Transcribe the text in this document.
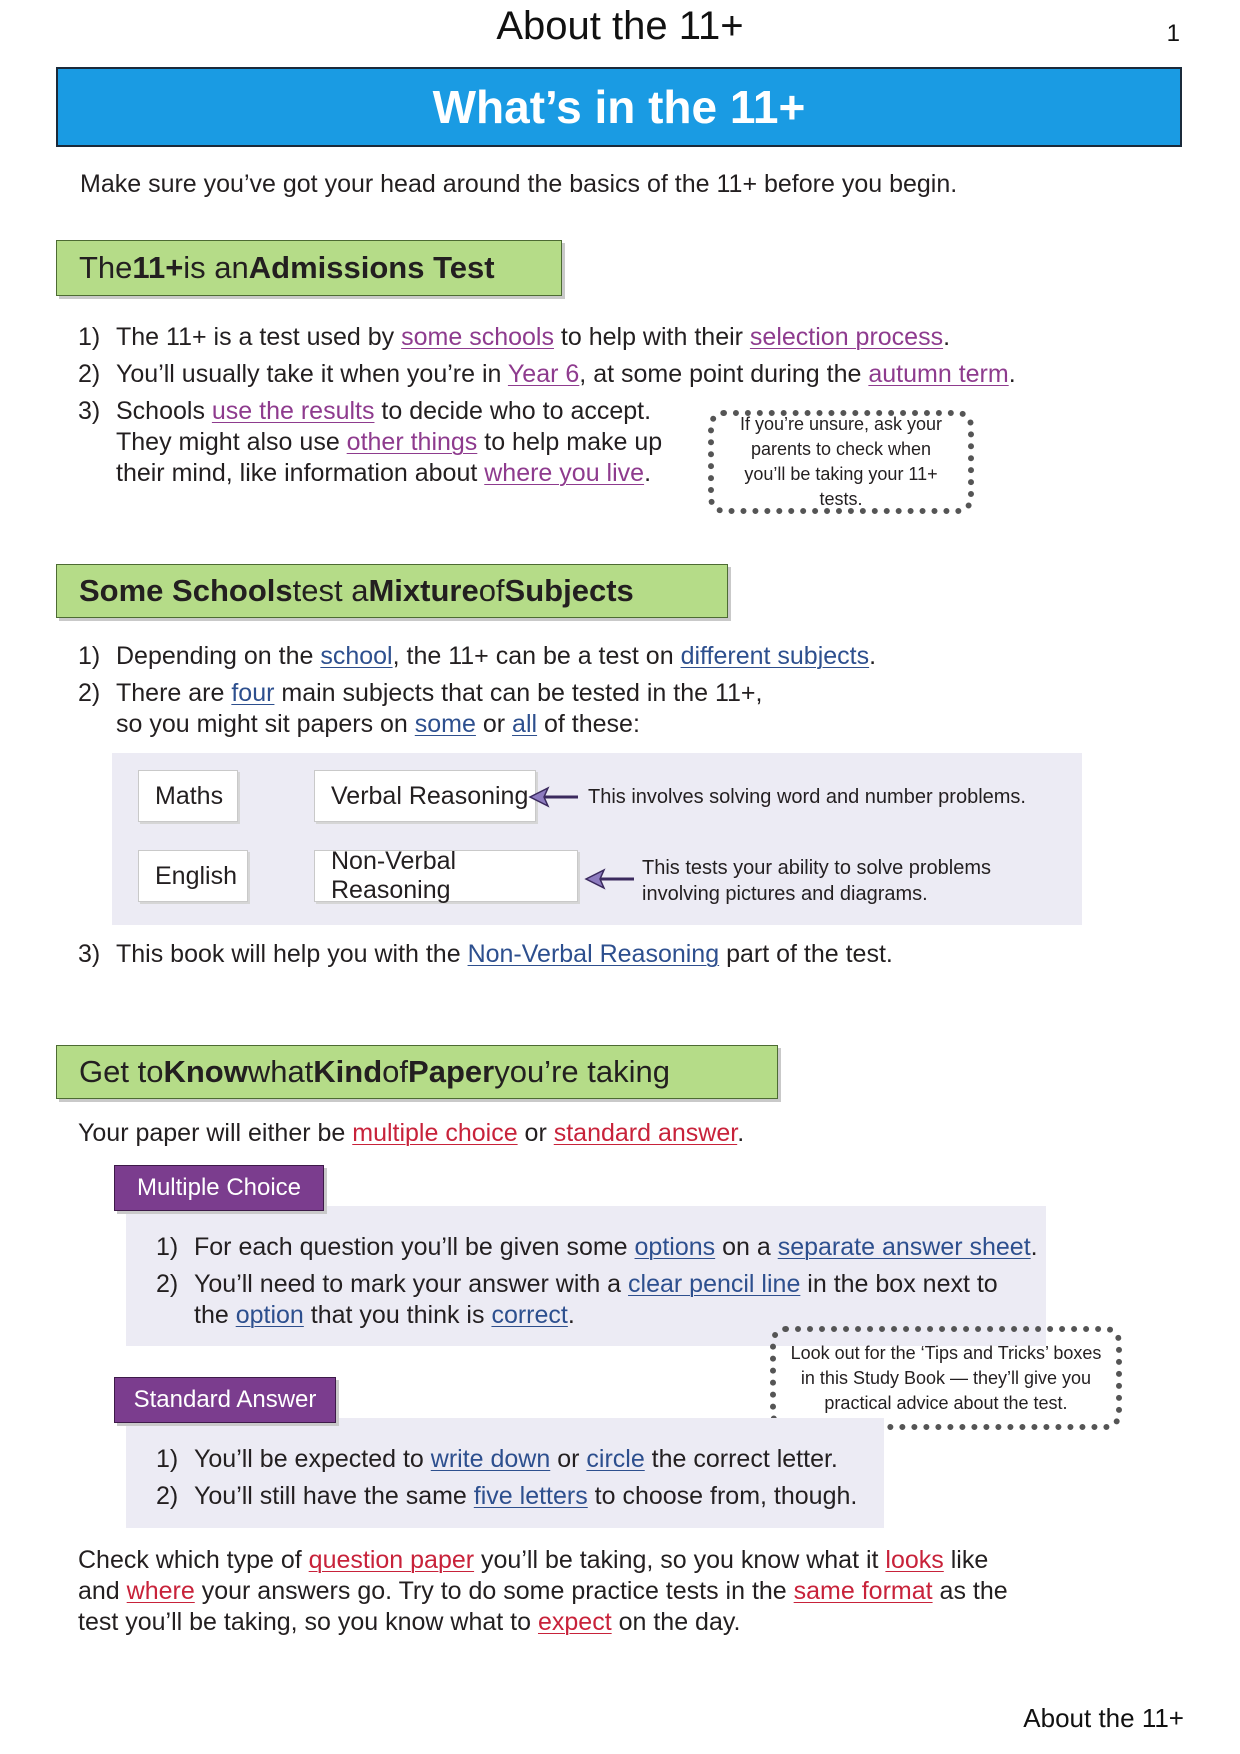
About the 11+	1
What’s in the 11+
Make sure you’ve got your head around the basics of the 11+ before you begin.
The 11+ is an Admissions Test
1) The 11+ is a test used by some schools to help with their selection process.
2) You’ll usually take it when you’re in Year 6, at some point during the autumn term.
3) Schools use the results to decide who to accept.
They might also use other things to help make up
their mind, like information about where you live.
If you’re unsure, ask your parents to check when you’ll be taking your 11+ tests.
Some Schools test a Mixture of Subjects
1) Depending on the school, the 11+ can be a test on different subjects.
2) There are four main subjects that can be tested in the 11+,
so you might sit papers on some or all of these:
Maths	Verbal Reasoning
English
Non-Verbal Reasoning
This involves solving word and number problems.
This tests your ability to solve problems
involving pictures and diagrams.
3) This book will help you with the Non-Verbal Reasoning part of the test.
Get to Know what Kind of Paper you’re taking
Your paper will either be multiple choice or standard answer.
Multiple Choice
1) For each question you’ll be given some options on a separate answer sheet.
2) You’ll need to mark your answer with a clear pencil line in the box next to
the option that you think is correct.
Look out for the ‘Tips and Tricks’ boxes in this Study Book — they’ll give you practical advice about the test.
Standard Answer
1) You’ll be expected to write down or circle the correct letter.
2) You’ll still have the same five letters to choose from, though.
Check which type of question paper you’ll be taking, so you know what it looks like
and where your answers go. Try to do some practice tests in the same format as the
test you’ll be taking, so you know what to expect on the day.
About the 11+
